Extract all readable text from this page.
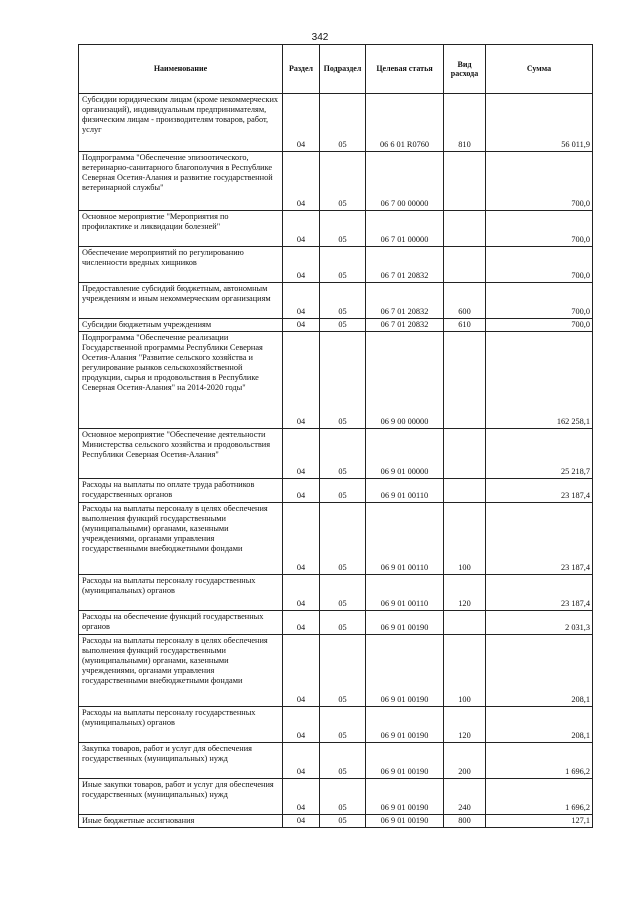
342
Наименование	Раздел	Подраздел	Целевая статья	Вид расхода	Сумма
Субсидии юридическим лицам (кроме некоммерческих организаций), индивидуальным предпринимателям, физическим лицам - производителям товаров, работ, услуг	04	05	06 6 01 R0760	810	56 011,9
Подпрограмма "Обеспечение эпизоотического, ветеринарно-санитарного благополучия в Республике Северная Осетия-Алания и развитие государственной ветеринарной службы"	04	05	06 7 00 00000		700,0
Основное мероприятие "Мероприятия по профилактике и ликвидации болезней"	04	05	06 7 01 00000		700,0
Обеспечение мероприятий по регулированию численности вредных хищников	04	05	06 7 01 20832		700,0
Предоставление субсидий бюджетным, автономным учреждениям и иным некоммерческим организациям	04	05	06 7 01 20832	600	700,0
Субсидии бюджетным учреждениям	04	05	06 7 01 20832	610	700,0
Подпрограмма "Обеспечение реализации Государственной программы Республики Северная Осетия-Алания "Развитие сельского хозяйства и регулирование рынков сельскохозяйственной продукции, сырья и продовольствия в Республике Северная Осетия-Алания" на 2014-2020 годы"	04	05	06 9 00 00000		162 258,1
Основное мероприятие "Обеспечение деятельности Министерства сельского хозяйства и продовольствия Республики Северная Осетия-Алания"	04	05	06 9 01 00000		25 218,7
Расходы на выплаты по оплате труда работников государственных органов	04	05	06 9 01 00110		23 187,4
Расходы на выплаты персоналу в целях обеспечения выполнения функций государственными (муниципальными) органами, казенными учреждениями, органами управления государственными внебюджетными фондами	04	05	06 9 01 00110	100	23 187,4
Расходы на выплаты персоналу государственных (муниципальных) органов	04	05	06 9 01 00110	120	23 187,4
Расходы на обеспечение функций государственных органов	04	05	06 9 01 00190		2 031,3
Расходы на выплаты персоналу в целях обеспечения выполнения функций государственными (муниципальными) органами, казенными учреждениями, органами управления государственными внебюджетными фондами	04	05	06 9 01 00190	100	208,1
Расходы на выплаты персоналу государственных (муниципальных) органов	04	05	06 9 01 00190	120	208,1
Закупка товаров, работ и услуг для обеспечения государственных (муниципальных) нужд	04	05	06 9 01 00190	200	1 696,2
Иные закупки товаров, работ и услуг для обеспечения государственных (муниципальных) нужд	04	05	06 9 01 00190	240	1 696,2
Иные бюджетные ассигнования	04	05	06 9 01 00190	800	127,1
